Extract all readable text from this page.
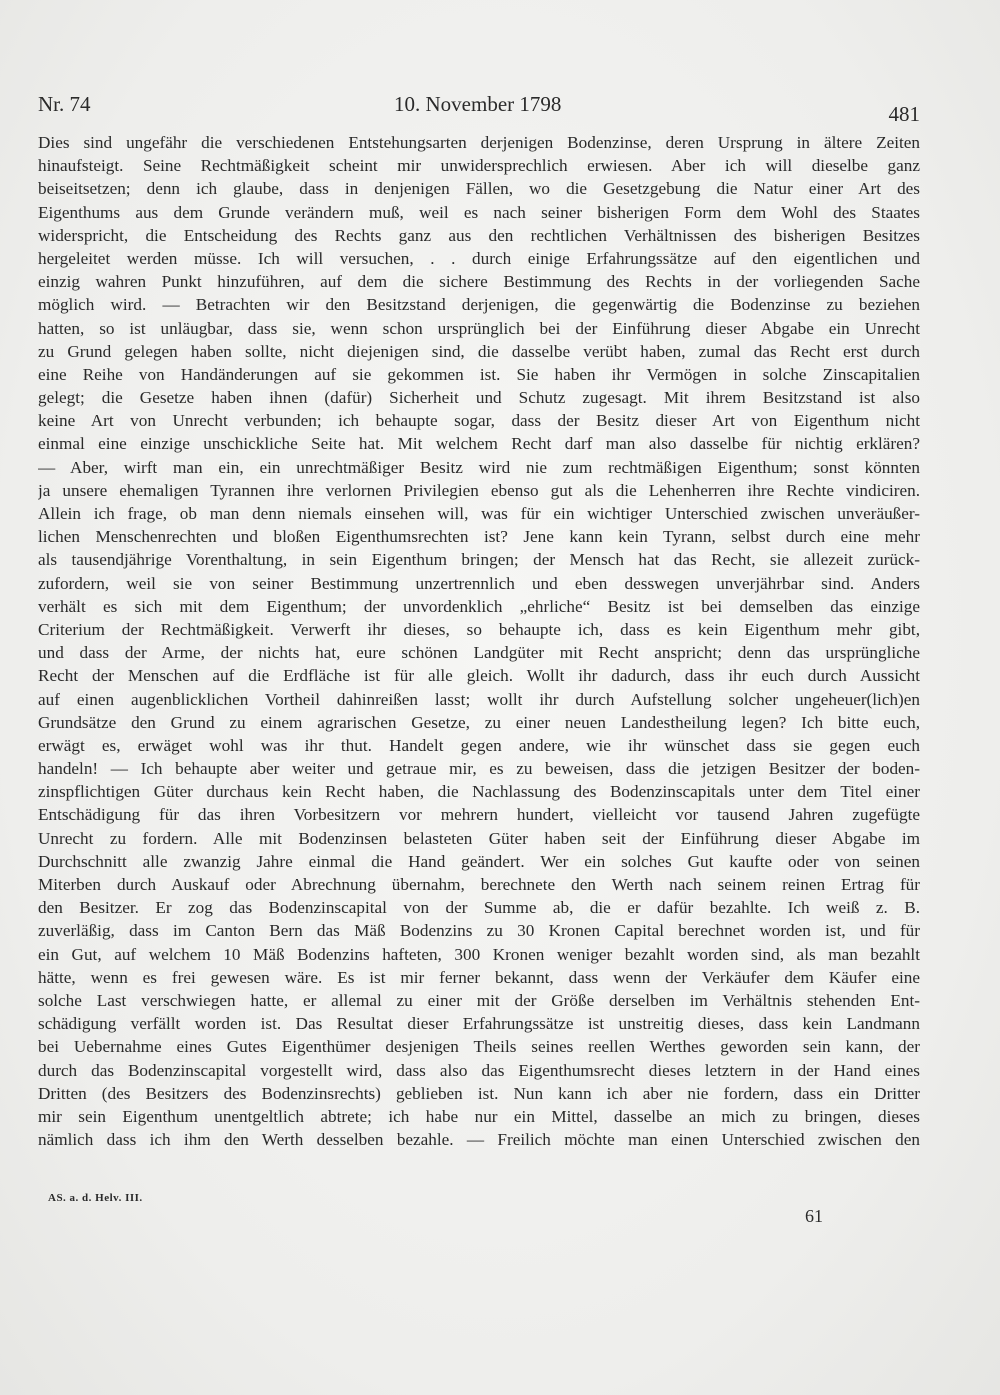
Nr. 74	10. November 1798	481
Dies sind ungefähr die verschiedenen Entstehungsarten derjenigen Bodenzinse, deren Ursprung in ältere Zeiten
hinaufsteigt. Seine Rechtmäßigkeit scheint mir unwidersprechlich erwiesen. Aber ich will dieselbe ganz
beiseitsetzen; denn ich glaube, dass in denjenigen Fällen, wo die Gesetzgebung die Natur einer Art des
Eigenthums aus dem Grunde verändern muß, weil es nach seiner bisherigen Form dem Wohl des Staates
widerspricht, die Entscheidung des Rechts ganz aus den rechtlichen Verhältnissen des bisherigen Besitzes
hergeleitet werden müsse. Ich will versuchen, . . durch einige Erfahrungssätze auf den eigentlichen und
einzig wahren Punkt hinzuführen, auf dem die sichere Bestimmung des Rechts in der vorliegenden Sache
möglich wird. — Betrachten wir den Besitzstand derjenigen, die gegenwärtig die Bodenzinse zu beziehen
hatten, so ist unläugbar, dass sie, wenn schon ursprünglich bei der Einführung dieser Abgabe ein Unrecht
zu Grund gelegen haben sollte, nicht diejenigen sind, die dasselbe verübt haben, zumal das Recht erst durch
eine Reihe von Handänderungen auf sie gekommen ist. Sie haben ihr Vermögen in solche Zinscapitalien
gelegt; die Gesetze haben ihnen (dafür) Sicherheit und Schutz zugesagt. Mit ihrem Besitzstand ist also
keine Art von Unrecht verbunden; ich behaupte sogar, dass der Besitz dieser Art von Eigenthum nicht
einmal eine einzige unschickliche Seite hat. Mit welchem Recht darf man also dasselbe für nichtig erklären?
— Aber, wirft man ein, ein unrechtmäßiger Besitz wird nie zum rechtmäßigen Eigenthum; sonst könnten
ja unsere ehemaligen Tyrannen ihre verlornen Privilegien ebenso gut als die Lehenherren ihre Rechte vindiciren.
Allein ich frage, ob man denn niemals einsehen will, was für ein wichtiger Unterschied zwischen unveräußer-
lichen Menschenrechten und bloßen Eigenthumsrechten ist? Jene kann kein Tyrann, selbst durch eine mehr
als tausendjährige Vorenthaltung, in sein Eigenthum bringen; der Mensch hat das Recht, sie allezeit zurück-
zufordern, weil sie von seiner Bestimmung unzertrennlich und eben desswegen unverjährbar sind. Anders
verhält es sich mit dem Eigenthum; der unvordenklich „ehrliche“ Besitz ist bei demselben das einzige
Criterium der Rechtmäßigkeit. Verwerft ihr dieses, so behaupte ich, dass es kein Eigenthum mehr gibt,
und dass der Arme, der nichts hat, eure schönen Landgüter mit Recht anspricht; denn das ursprüngliche
Recht der Menschen auf die Erdfläche ist für alle gleich. Wollt ihr dadurch, dass ihr euch durch Aussicht
auf einen augenblicklichen Vortheil dahinreißen lasst; wollt ihr durch Aufstellung solcher ungeheuer(lich)en
Grundsätze den Grund zu einem agrarischen Gesetze, zu einer neuen Landestheilung legen? Ich bitte euch,
erwägt es, erwäget wohl was ihr thut. Handelt gegen andere, wie ihr wünschet dass sie gegen euch
handeln! — Ich behaupte aber weiter und getraue mir, es zu beweisen, dass die jetzigen Besitzer der boden-
zinspflichtigen Güter durchaus kein Recht haben, die Nachlassung des Bodenzinscapitals unter dem Titel einer
Entschädigung für das ihren Vorbesitzern vor mehrern hundert, vielleicht vor tausend Jahren zugefügte
Unrecht zu fordern. Alle mit Bodenzinsen belasteten Güter haben seit der Einführung dieser Abgabe im
Durchschnitt alle zwanzig Jahre einmal die Hand geändert. Wer ein solches Gut kaufte oder von seinen
Miterben durch Auskauf oder Abrechnung übernahm, berechnete den Werth nach seinem reinen Ertrag für
den Besitzer. Er zog das Bodenzinscapital von der Summe ab, die er dafür bezahlte. Ich weiß z. B.
zuverläßig, dass im Canton Bern das Mäß Bodenzins zu 30 Kronen Capital berechnet worden ist, und für
ein Gut, auf welchem 10 Mäß Bodenzins hafteten, 300 Kronen weniger bezahlt worden sind, als man bezahlt
hätte, wenn es frei gewesen wäre. Es ist mir ferner bekannt, dass wenn der Verkäufer dem Käufer eine
solche Last verschwiegen hatte, er allemal zu einer mit der Größe derselben im Verhältnis stehenden Ent-
schädigung verfällt worden ist. Das Resultat dieser Erfahrungssätze ist unstreitig dieses, dass kein Landmann
bei Uebernahme eines Gutes Eigenthümer desjenigen Theils seines reellen Werthes geworden sein kann, der
durch das Bodenzinscapital vorgestellt wird, dass also das Eigenthumsrecht dieses letztern in der Hand eines
Dritten (des Besitzers des Bodenzinsrechts) geblieben ist. Nun kann ich aber nie fordern, dass ein Dritter
mir sein Eigenthum unentgeltlich abtrete; ich habe nur ein Mittel, dasselbe an mich zu bringen, dieses
nämlich dass ich ihm den Werth desselben bezahle. — Freilich möchte man einen Unterschied zwischen den
AS. a. d. Helv. III.
61
